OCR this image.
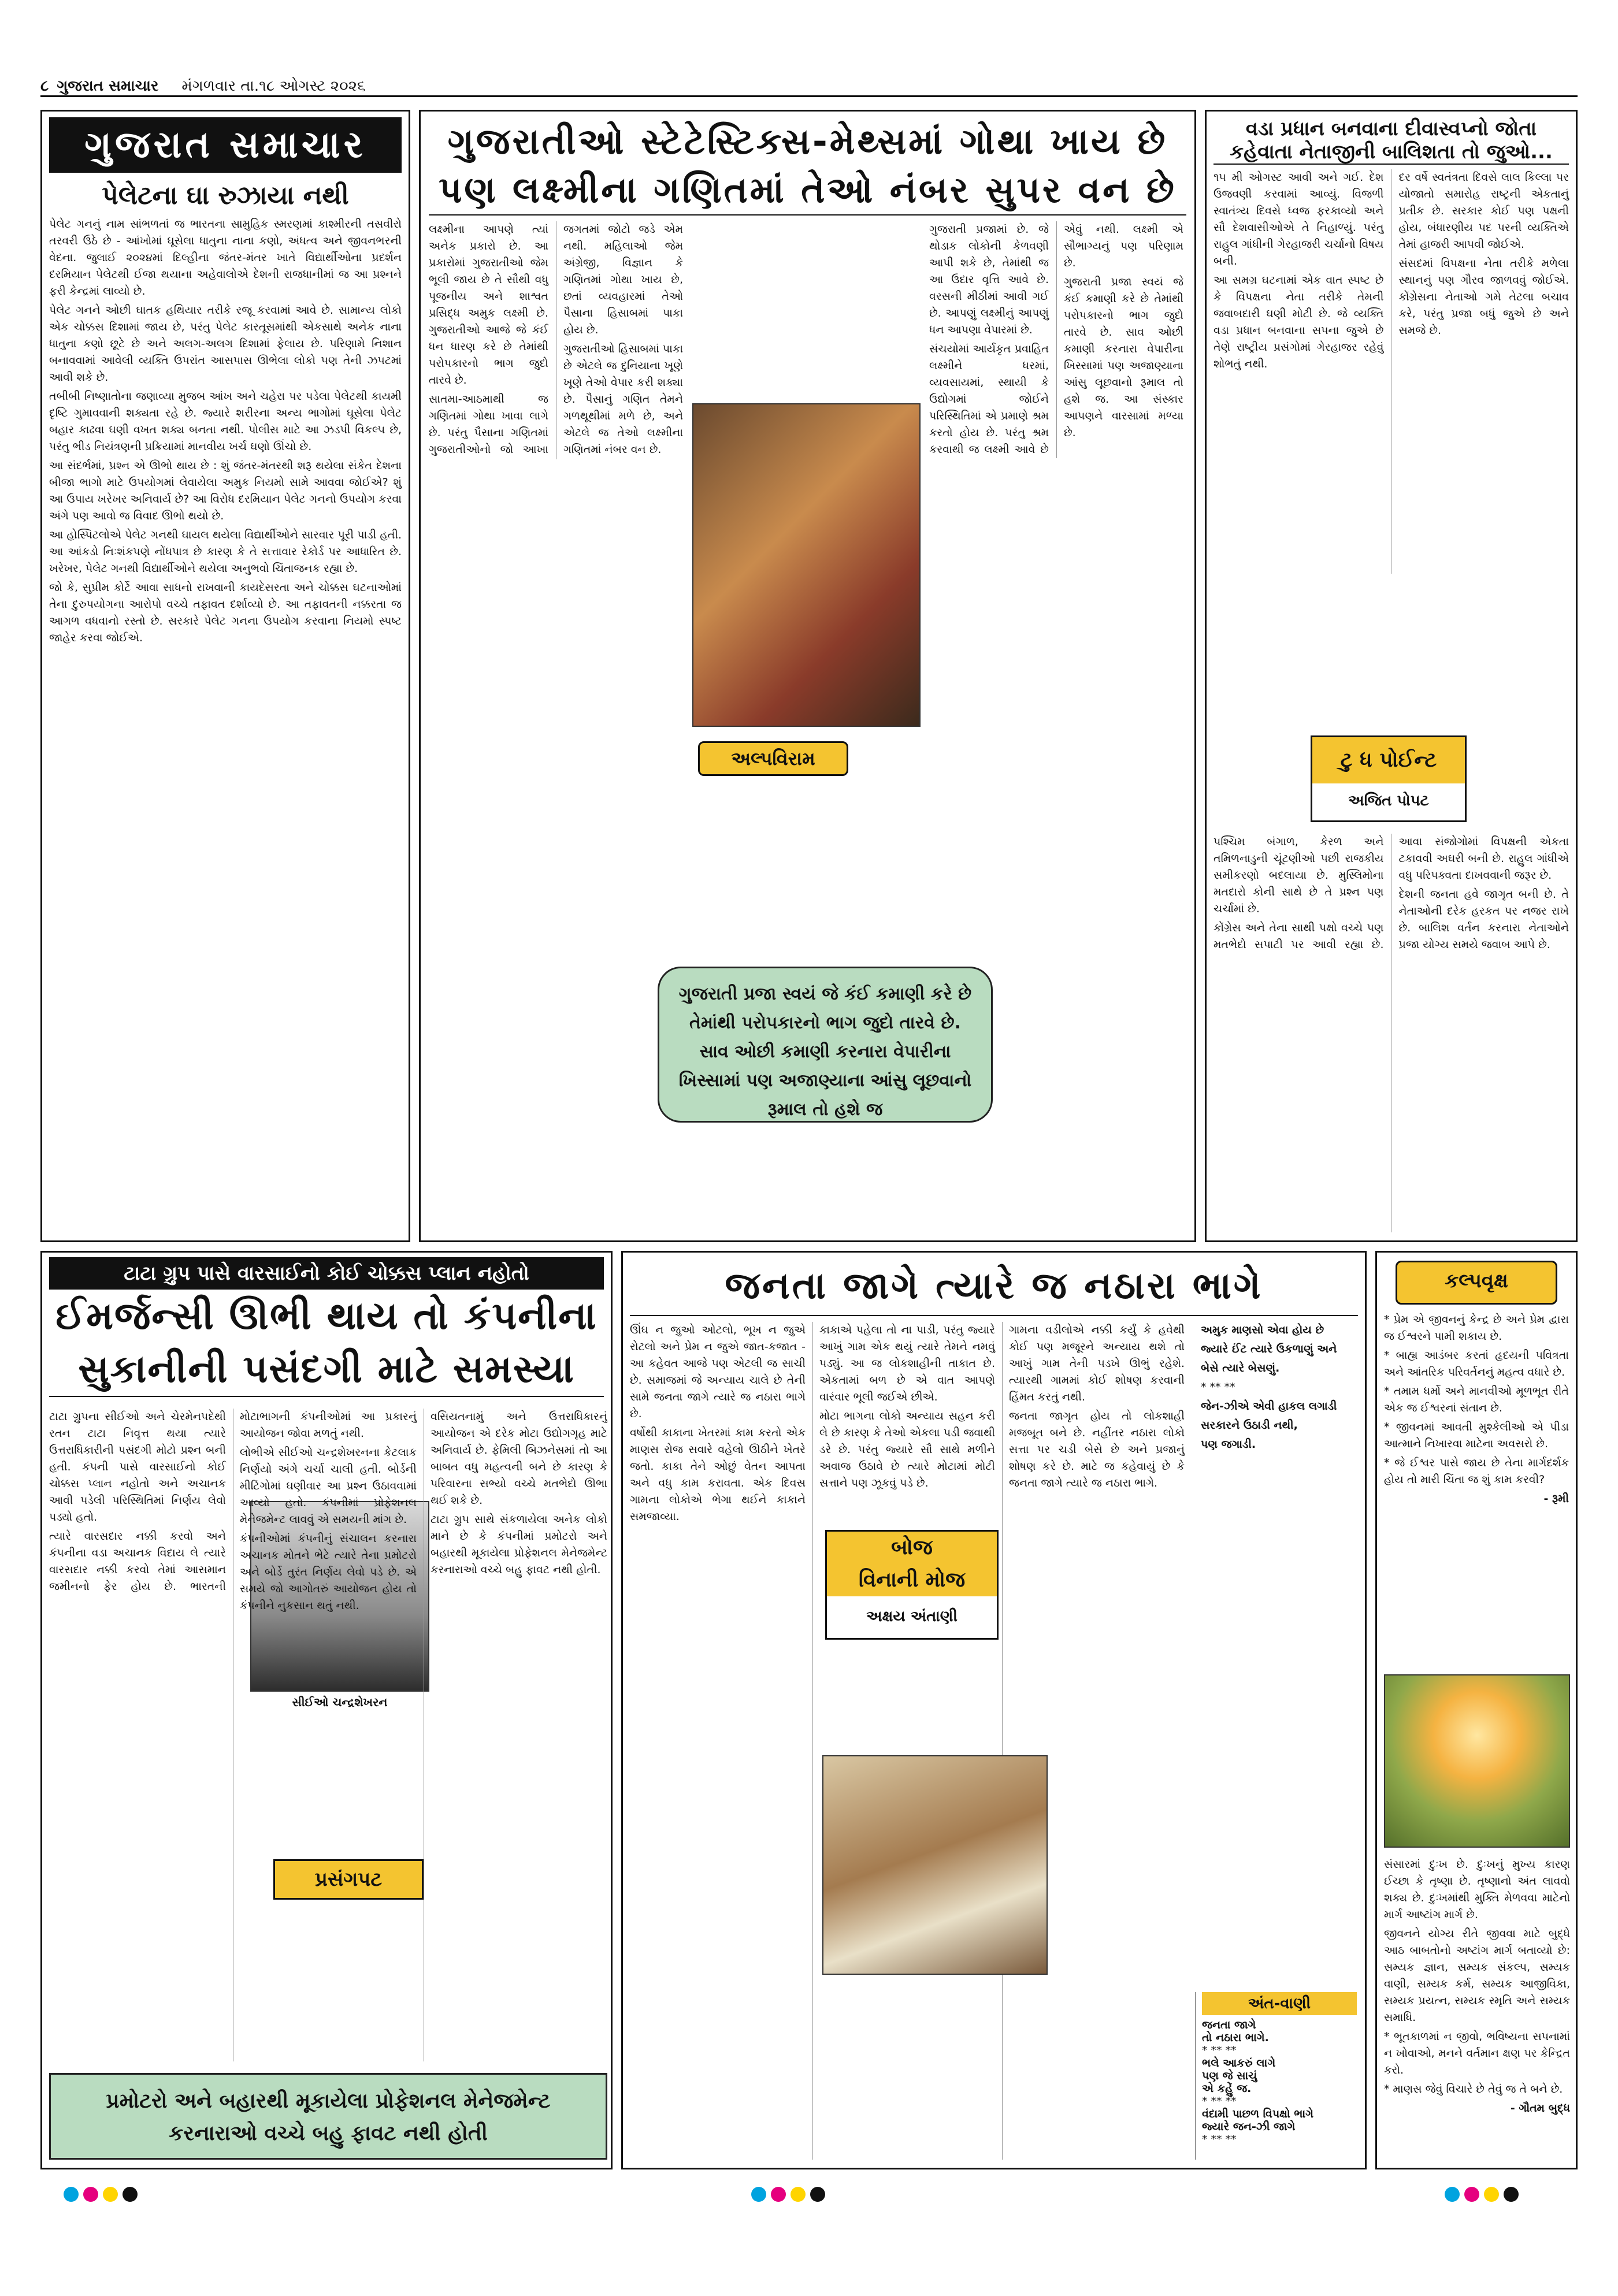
૮ ગુજરાત સમાચાર મંગળવાર તા.૧૮ ઓગસ્ટ ૨૦૨૬
ગુજરાત સમાચાર
પેલેટના ઘા રુઝાયા નથી

પેલેટ ગનનું નામ સાંભળતાં જ ભારતના સામુહિક સ્મરણમાં કાશ્મીરની તસવીરો તરવરી ઉઠે છે - આંખોમાં ઘૂસેલા ધાતુના નાના કણો, અંધત્વ અને જીવનભરની વેદના. જુલાઈ ૨૦૨૪માં દિલ્હીના જંતર-મંતર ખાતે વિદ્યાર્થીઓના પ્રદર્શન દરમિયાન પેલેટથી ઈજા થયાના અહેવાલોએ દેશની રાજધાનીમાં જ આ પ્રશ્નને ફરી કેન્દ્રમાં લાવ્યો છે.

પેલેટ ગનને ઓછી ઘાતક હથિયાર તરીકે રજૂ કરવામાં આવે છે. સામાન્ય લોકો એક ચોક્કસ દિશામાં જાય છે, પરંતુ પેલેટ કારતૂસમાંથી એકસાથે અનેક નાના ધાતુના કણો છૂટે છે અને અલગ-અલગ દિશામાં ફેલાય છે. પરિણામે નિશાન બનાવવામાં આવેલી વ્યક્તિ ઉપરાંત આસપાસ ઊભેલા લોકો પણ તેની ઝપટમાં આવી શકે છે.

તબીબી નિષ્ણાતોના જણાવ્યા મુજબ આંખ અને ચહેરા પર પડેલા પેલેટથી કાયમી દૃષ્ટિ ગુમાવવાની શક્યતા રહે છે. જ્યારે શરીરના અન્ય ભાગોમાં ઘૂસેલા પેલેટ બહાર કાઢવા ઘણી વખત શક્ય બનતા નથી. પોલીસ માટે આ ઝડપી વિકલ્પ છે, પરંતુ ભીડ નિયંત્રણની પ્રક્રિયામાં માનવીય ખર્ચ ઘણો ઊંચો છે.

આ સંદર્ભમાં, પ્રશ્ન એ ઊભો થાય છે : શું જંતર-મંતરથી શરૂ થયેલા સંકેત દેશના બીજા ભાગો માટે ઉપયોગમાં લેવાયેલા અમુક નિયમો સામે આવવા જોઈએ? શું આ ઉપાય ખરેખર અનિવાર્ય છે? આ વિરોધ દરમિયાન પેલેટ ગનનો ઉપયોગ કરવા અંગે પણ આવો જ વિવાદ ઊભો થયો છે.

આ હોસ્પિટલોએ પેલેટ ગનથી ઘાયલ થયેલા વિદ્યાર્થીઓને સારવાર પૂરી પાડી હતી. આ આંકડો નિઃશંકપણે નોંધપાત્ર છે કારણ કે તે સત્તાવાર રેકોર્ડ પર આધારિત છે. ખરેખર, પેલેટ ગનથી વિદ્યાર્થીઓને થયેલા અનુભવો ચિંતાજનક રહ્યા છે.

જો કે, સુપ્રીમ કોર્ટે આવા સાધનો રાખવાની કાયદેસરતા અને ચોક્કસ ઘટનાઓમાં તેના દુરુપયોગના આરોપો વચ્ચે તફાવત દર્શાવ્યો છે. આ તફાવતની નક્કરતા જ આગળ વધવાનો રસ્તો છે. સરકારે પેલેટ ગનના ઉપયોગ કરવાના નિયમો સ્પષ્ટ જાહેર કરવા જોઈએ.

ગુજરાતીઓ સ્ટેટેસ્ટિક્સ-મેથ્સમાં ગોથા ખાય છે
પણ લક્ષ્મીના ગણિતમાં તેઓ નંબર સુપર વન છે

લક્ષ્મીના આપણે ત્યાં અનેક પ્રકારો છે. આ પ્રકારોમાં ગુજરાતીઓ જેમ ભૂલી જાય છે તે સૌથી વધુ પૂજનીય અને શાશ્વત પ્રસિદ્ધ અમુક લક્ષ્મી છે. ગુજરાતીઓ આજે જે કંઈ ધન ધારણ કરે છે તેમાંથી પરોપકારનો ભાગ જુદો તારવે છે.

સાતમા-આઠમાથી જ ગણિતમાં ગોથા ખાવા લાગે છે. પરંતુ પૈસાના ગણિતમાં ગુજરાતીઓનો જો આખા જગતમાં જોટો જડે એમ નથી. મહિલાઓ જેમ અંગ્રેજી, વિજ્ઞાન કે ગણિતમાં ગોથા ખાય છે, છતાં વ્યવહારમાં તેઓ પૈસાના હિસાબમાં પાકા હોય છે.

ગુજરાતીઓ હિસાબમાં પાકા છે એટલે જ દુનિયાના ખૂણે ખૂણે તેઓ વેપાર કરી શક્યા છે. પૈસાનું ગણિત તેમને ગળથૂથીમાં મળે છે, અને એટલે જ તેઓ લક્ષ્મીના ગણિતમાં નંબર વન છે.

ગુજરાતી પ્રજામાં છે. જે થોડાક લોકોની કેળવણી આપી શકે છે, તેમાંથી જ આ ઉદાર વૃત્તિ આવે છે. વરસની મીઠીમાં આવી ગઈ છે. આપણું લક્ષ્મીનું આપણું ધન આપણા વેપારમાં છે.

સંચયોમાં આર્યકૃત પ્રવાહિત લક્ષ્મીને ધરમાં, વ્યવસાયમાં, સ્થાયી કે ઉદ્યોગમાં જોઈને પરિસ્થિતિમાં એ પ્રમાણે શ્રમ કરતો હોય છે. પરંતુ શ્રમ કરવાથી જ લક્ષ્મી આવે છે એવું નથી. લક્ષ્મી એ સૌભાગ્યનું પણ પરિણામ છે.

ગુજરાતી પ્રજા સ્વયં જે કંઈ કમાણી કરે છે તેમાંથી પરોપકારનો ભાગ જુદો તારવે છે. સાવ ઓછી કમાણી કરનારા વેપારીના ખિસ્સામાં પણ અજાણ્યાના આંસુ લૂછવાનો રૂમાલ તો હશે જ. આ સંસ્કાર આપણને વારસામાં મળ્યા છે.

અલ્પવિરામ
ગુજરાતી પ્રજા સ્વયં જે કંઈ કમાણી કરે છે તેમાંથી પરોપકારનો ભાગ જુદો તારવે છે. સાવ ઓછી કમાણી કરનારા વેપારીના ખિસ્સામાં પણ અજાણ્યાના આંસુ લૂછવાનો રૂમાલ તો હશે જ
વડા પ્રધાન બનવાના દીવાસ્વપ્નો જોતા
કહેવાતા નેતાજીની બાલિશતા તો જુઓ...

૧૫ મી ઓગસ્ટ આવી અને ગઈ. દેશ ઉજવણી કરવામાં આવ્યું. વિજળી સ્વાતંત્ર્ય દિવસે ધ્વજ ફરકાવ્યો અને સૌ દેશવાસીઓએ તે નિહાળ્યું. પરંતુ રાહુલ ગાંધીની ગેરહાજરી ચર્ચાનો વિષય બની.

આ સમગ્ર ઘટનામાં એક વાત સ્પષ્ટ છે કે વિપક્ષના નેતા તરીકે તેમની જવાબદારી ઘણી મોટી છે. જે વ્યક્તિ વડા પ્રધાન બનવાના સપના જુએ છે તેણે રાષ્ટ્રીય પ્રસંગોમાં ગેરહાજર રહેવું શોભતું નથી.

દર વર્ષે સ્વતંત્રતા દિવસે લાલ કિલ્લા પર યોજાતો સમારોહ રાષ્ટ્રની એકતાનું પ્રતીક છે. સરકાર કોઈ પણ પક્ષની હોય, બંધારણીય પદ પરની વ્યક્તિએ તેમાં હાજરી આપવી જોઈએ.

સંસદમાં વિપક્ષના નેતા તરીકે મળેલા સ્થાનનું પણ ગૌરવ જાળવવું જોઈએ. કોંગ્રેસના નેતાઓ ગમે તેટલા બચાવ કરે, પરંતુ પ્રજા બધું જુએ છે અને સમજે છે.

ટુ ધ પોઈન્ટ
અજિત પોપટ

પશ્ચિમ બંગાળ, કેરળ અને તમિળનાડુની ચૂંટણીઓ પછી રાજકીય સમીકરણો બદલાયા છે. મુસ્લિમોના મતદારો કોની સાથે છે તે પ્રશ્ન પણ ચર્ચામાં છે.

કોંગ્રેસ અને તેના સાથી પક્ષો વચ્ચે પણ મતભેદો સપાટી પર આવી રહ્યા છે. આવા સંજોગોમાં વિપક્ષની એકતા ટકાવવી અઘરી બની છે. રાહુલ ગાંધીએ વધુ પરિપક્વતા દાખવવાની જરૂર છે.

દેશની જનતા હવે જાગૃત બની છે. તે નેતાઓની દરેક હરકત પર નજર રાખે છે. બાલિશ વર્તન કરનારા નેતાઓને પ્રજા યોગ્ય સમયે જવાબ આપે છે.

ટાટા ગ્રુપ પાસે વારસાઈનો કોઈ ચોક્કસ પ્લાન નહોતો
ઈમર્જન્સી ઊભી થાય તો કંપનીના
સુકાનીની પસંદગી માટે સમસ્યા
સીઈઓ ચન્દ્રશેખરન

ટાટા ગ્રુપના સીઈઓ અને ચેરમેનપદેથી રતન ટાટા નિવૃત્ત થયા ત્યારે ઉત્તરાધિકારીની પસંદગી મોટો પ્રશ્ન બની હતી. કંપની પાસે વારસાઈનો કોઈ ચોક્કસ પ્લાન નહોતો અને અચાનક આવી પડેલી પરિસ્થિતિમાં નિર્ણય લેવો પડ્યો હતો.

ત્યારે વારસદાર નક્કી કરવો અને કંપનીના વડા અચાનક વિદાય લે ત્યારે વારસદાર નક્કી કરવો તેમાં આસમાન જમીનનો ફેર હોય છે. ભારતની મોટાભાગની કંપનીઓમાં આ પ્રકારનું આયોજન જોવા મળતું નથી.

લોભીએ સીઈઓ ચન્દ્રશેખરનના કેટલાક નિર્ણયો અંગે ચર્ચા ચાલી હતી. બોર્ડની મીટિંગોમાં ઘણીવાર આ પ્રશ્ન ઉઠાવવામાં આવ્યો હતો. કંપનીમાં પ્રોફેશનલ મેનેજમેન્ટ લાવવું એ સમયની માંગ છે.

કંપનીઓમાં કંપનીનું સંચાલન કરનારા અચાનક મોતને ભેટે ત્યારે તેના પ્રમોટરો અને બોર્ડે તુરંત નિર્ણય લેવો પડે છે. એ સમયે જો આગોતરું આયોજન હોય તો કંપનીને નુકસાન થતું નથી.

વસિયતનામું અને ઉત્તરાધિકારનું આયોજન એ દરેક મોટા ઉદ્યોગગૃહ માટે અનિવાર્ય છે. ફેમિલી બિઝનેસમાં તો આ બાબત વધુ મહત્વની બને છે કારણ કે પરિવારના સભ્યો વચ્ચે મતભેદો ઊભા થઈ શકે છે.

ટાટા ગ્રુપ સાથે સંકળાયેલા અનેક લોકો માને છે કે કંપનીમાં પ્રમોટરો અને બહારથી મૂકાયેલા પ્રોફેશનલ મેનેજમેન્ટ કરનારાઓ વચ્ચે બહુ ફાવટ નથી હોતી.

પ્રસંગપટ
પ્રમોટરો અને બહારથી મૂકાયેલા પ્રોફેશનલ મેનેજમેન્ટ કરનારાઓ વચ્ચે બહુ ફાવટ નથી હોતી
જનતા જાગે ત્યારે જ નઠારા ભાગે

ઊંઘ ન જુઓ ઓટલો, ભૂખ ન જુએ રોટલો અને પ્રેમ ન જુએ જાત-કજાત - આ કહેવત આજે પણ એટલી જ સાચી છે. સમાજમાં જે અન્યાય ચાલે છે તેની સામે જનતા જાગે ત્યારે જ નઠારા ભાગે છે.

વર્ષોથી કાકાના ખેતરમાં કામ કરતો એક માણસ રોજ સવારે વહેલો ઊઠીને ખેતરે જતો. કાકા તેને ઓછું વેતન આપતા અને વધુ કામ કરાવતા. એક દિવસ ગામના લોકોએ ભેગા થઈને કાકાને સમજાવ્યા.

કાકાએ પહેલા તો ના પાડી, પરંતુ જ્યારે આખું ગામ એક થયું ત્યારે તેમને નમવું પડ્યું. આ જ લોકશાહીની તાકાત છે. એકતામાં બળ છે એ વાત આપણે વારંવાર ભૂલી જઈએ છીએ.

મોટા ભાગના લોકો અન્યાય સહન કરી લે છે કારણ કે તેઓ એકલા પડી જવાથી ડરે છે. પરંતુ જ્યારે સૌ સાથે મળીને અવાજ ઉઠાવે છે ત્યારે મોટામાં મોટી સત્તાને પણ ઝૂકવું પડે છે.

ગામના વડીલોએ નક્કી કર્યું કે હવેથી કોઈ પણ મજૂરને અન્યાય થશે તો આખું ગામ તેની પડખે ઊભું રહેશે. ત્યારથી ગામમાં કોઈ શોષણ કરવાની હિંમત કરતું નથી.

જનતા જાગૃત હોય તો લોકશાહી મજબૂત બને છે. નહીંતર નઠારા લોકો સત્તા પર ચડી બેસે છે અને પ્રજાનું શોષણ કરે છે. માટે જ કહેવાયું છે કે જનતા જાગે ત્યારે જ નઠારા ભાગે.

બોજ
વિનાની મોજ
અક્ષય અંતાણી
અંત-વાણી
જનતા જાગે
તો નઠારા ભાગે.
* ** **
ભલે આકરું લાગે
પણ જે સાચું
એ કહેું જ.
* ** **
વંદામી પાછળ વિપક્ષો ભાગે
જ્યારે જન-ઝી જાગે
* ** **

અમુક માણસો એવા હોય છે

જ્યારે ઈંટ ત્યારે ઉકળાણું અને

બેસે ત્યારે બેસણું.

* ** **

જેન-ઝીએ એવી હાકલ લગાડી

સરકારને ઉઠાડી નથી,

પણ જગાડી.

કલ્પવૃક્ષ

* પ્રેમ એ જીવનનું કેન્દ્ર છે અને પ્રેમ દ્વારા જ ઈશ્વરને પામી શકાય છે.

* બાહ્ય આડંબર કરતાં હૃદયની પવિત્રતા અને આંતરિક પરિવર્તનનું મહત્વ વધારે છે.

* તમામ ધર્મો અને માનવીઓ મૂળભૂત રીતે એક જ ઈશ્વરનાં સંતાન છે.

* જીવનમાં આવતી મુશ્કેલીઓ એ પીડા આત્માને નિખારવા માટેના અવસરો છે.

* જે ઈશ્વર પાસે જાય છે તેના માર્ગદર્શક હોય તો મારી ચિંતા જ શું કામ કરવી?

- રૂમી

સંસારમાં દુઃખ છે. દુઃખનું મુખ્ય કારણ ઈચ્છા કે તૃષ્ણા છે. તૃષ્ણાનો અંત લાવવો શક્ય છે. દુઃખમાંથી મુક્તિ મેળવવા માટેનો માર્ગ આષ્ટાંગ માર્ગ છે.

જીવનને યોગ્ય રીતે જીવવા માટે બુદ્ધે આઠ બાબતોનો અષ્ટાંગ માર્ગ બતાવ્યો છે: સમ્યક જ્ઞાન, સમ્યક સંકલ્પ, સમ્યક વાણી, સમ્યક કર્મ, સમ્યક આજીવિકા, સમ્યક પ્રયત્ન, સમ્યક સ્મૃતિ અને સમ્યક સમાધિ.

* ભૂતકાળમાં ન જીવો, ભવિષ્યના સપનામાં ન ખોવાઓ, મનને વર્તમાન ક્ષણ પર કેન્દ્રિત કરો.

* માણસ જેવું વિચારે છે તેવું જ તે બને છે.

- ગૌતમ બુદ્ધ
